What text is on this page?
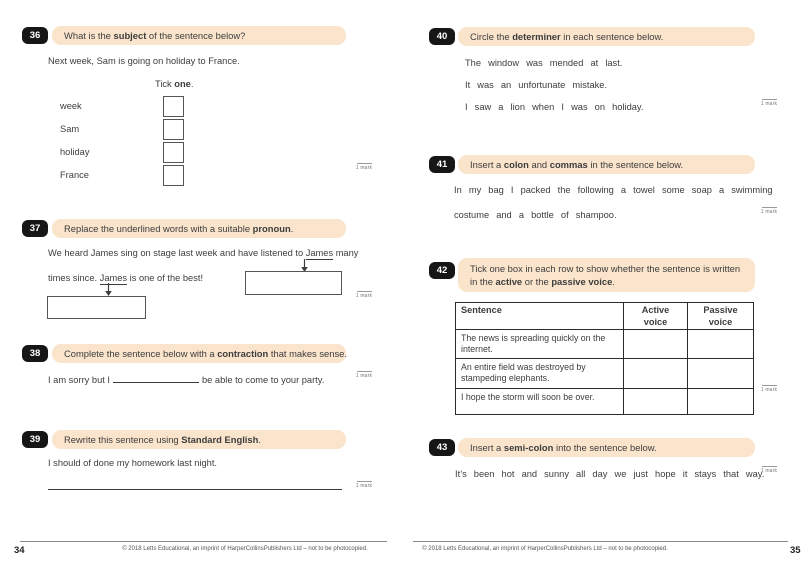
36	What is the subject of the sentence below?
Next week, Sam is going on holiday to France.
Tick one.
week
Sam
holiday
France
1 mark
37	Replace the underlined words with a suitable pronoun.
We heard James sing on stage last week and have listened to James many
times since. James is one of the best!
1 mark
38	Complete the sentence below with a contraction that makes sense.
I am sorry but I	be able to come to your party.	1 mark
39	Rewrite this sentence using Standard English.
I should of done my homework last night.
1 mark
34	© 2018 Letts Educational, an imprint of HarperCollinsPublishers Ltd – not to be photocopied.
40	Circle the determiner in each sentence below.
The window was mended at last.
It was an unfortunate mistake.
I saw a lion when I was on holiday.	1 mark
41	Insert a colon and commas in the sentence below.
In my bag I packed the following a towel some soap a swimming
costume and a bottle of shampoo.	1 mark
42	Tick one box in each row to show whether the sentence is written in the active or the passive voice.
Sentence	Active voice	Passive voice
The news is spreading quickly on the internet.		
An entire field was destroyed by stampeding elephants.		
I hope the storm will soon be over.		
1 mark
43	Insert a semi-colon into the sentence below.
It’s been hot and sunny all day we just hope it stays that way.
1 mark
© 2018 Letts Educational, an imprint of HarperCollinsPublishers Ltd – not to be photocopied.	35
